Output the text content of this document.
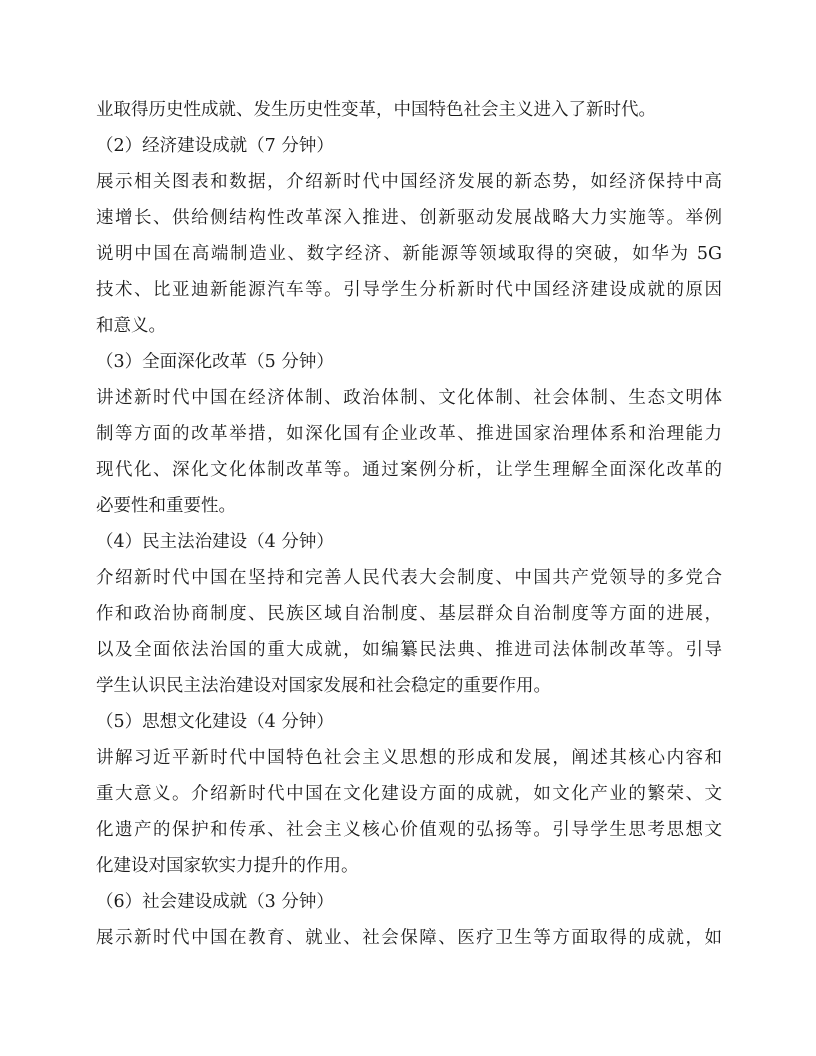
业取得历史性成就、发生历史性变革，中国特色社会主义进入了新时代。
（2）经济建设成就（7 分钟）
展示相关图表和数据，介绍新时代中国经济发展的新态势，如经济保持中高
速增长、供给侧结构性改革深入推进、创新驱动发展战略大力实施等。举例
说明中国在高端制造业、数字经济、新能源等领域取得的突破，如华为 5G
技术、比亚迪新能源汽车等。引导学生分析新时代中国经济建设成就的原因
和意义。
（3）全面深化改革（5 分钟）
讲述新时代中国在经济体制、政治体制、文化体制、社会体制、生态文明体
制等方面的改革举措，如深化国有企业改革、推进国家治理体系和治理能力
现代化、深化文化体制改革等。通过案例分析，让学生理解全面深化改革的
必要性和重要性。
（4）民主法治建设（4 分钟）
介绍新时代中国在坚持和完善人民代表大会制度、中国共产党领导的多党合
作和政治协商制度、民族区域自治制度、基层群众自治制度等方面的进展，
以及全面依法治国的重大成就，如编纂民法典、推进司法体制改革等。引导
学生认识民主法治建设对国家发展和社会稳定的重要作用。
（5）思想文化建设（4 分钟）
讲解习近平新时代中国特色社会主义思想的形成和发展，阐述其核心内容和
重大意义。介绍新时代中国在文化建设方面的成就，如文化产业的繁荣、文
化遗产的保护和传承、社会主义核心价值观的弘扬等。引导学生思考思想文
化建设对国家软实力提升的作用。
（6）社会建设成就（3 分钟）
展示新时代中国在教育、就业、社会保障、医疗卫生等方面取得的成就，如
